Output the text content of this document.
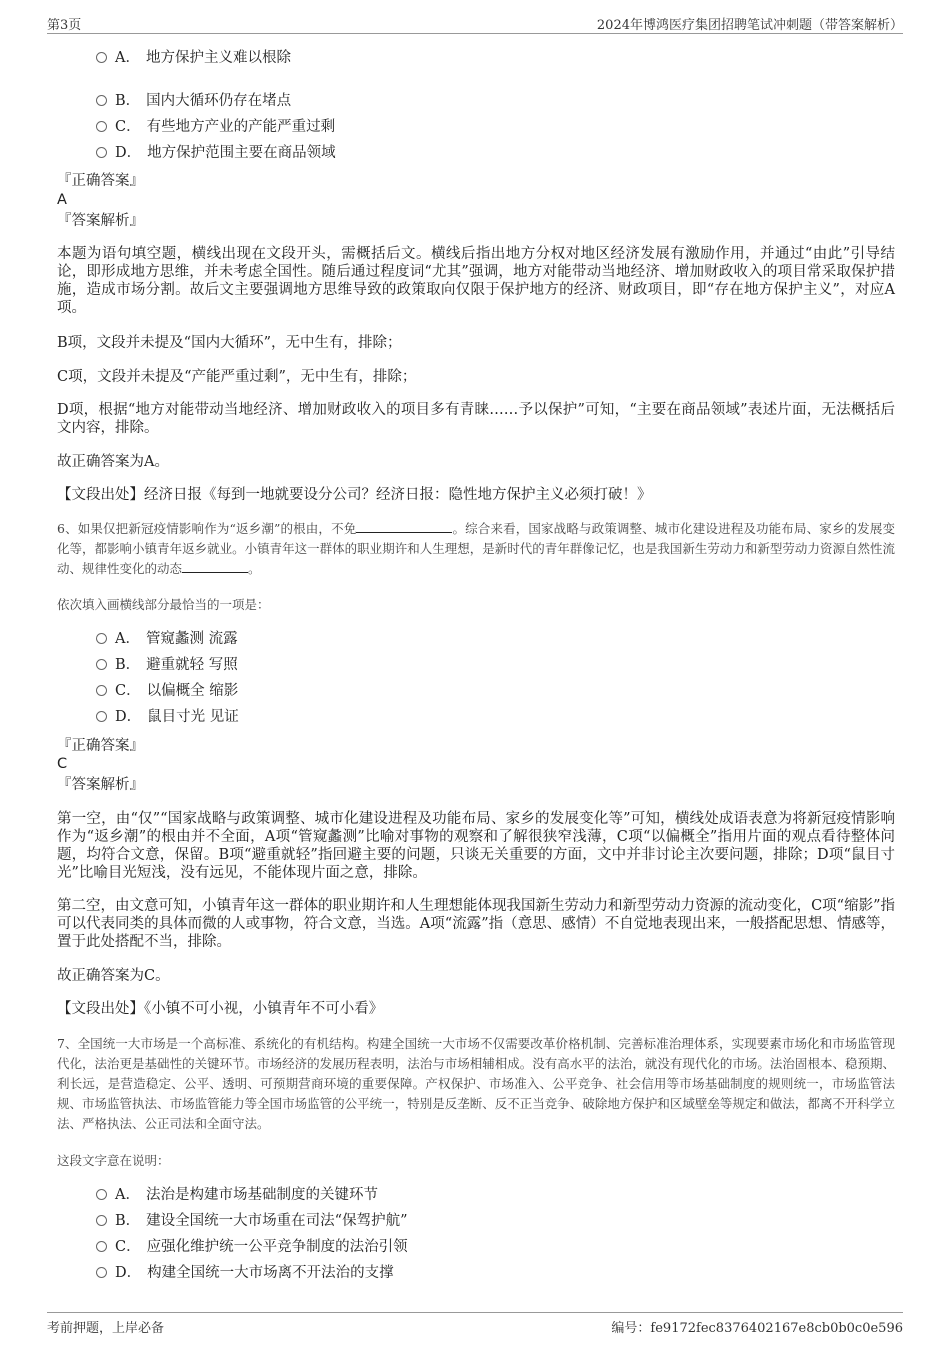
第3页	2024年博鸿医疗集团招聘笔试冲刺题（带答案解析）
A． 地方保护主义难以根除
B． 国内大循环仍存在堵点
C． 有些地方产业的产能严重过剩
D． 地方保护范围主要在商品领域
『正确答案』
A
『答案解析』
本题为语句填空题，横线出现在文段开头，需概括后文。横线后指出地方分权对地区经济发展有激励作用，并通过“由此”引导结论，即形成地方思维，并未考虑全国性。随后通过程度词“尤其”强调，地方对能带动当地经济、增加财政收入的项目常采取保护措施，造成市场分割。故后文主要强调地方思维导致的政策取向仅限于保护地方的经济、财政项目，即“存在地方保护主义”，对应A项。
B项，文段并未提及“国内大循环”，无中生有，排除；
C项，文段并未提及“产能严重过剩”，无中生有，排除；
D项，根据“地方对能带动当地经济、增加财政收入的项目多有青睐……予以保护”可知，“主要在商品领域”表述片面，无法概括后文内容，排除。
故正确答案为A。
【文段出处】经济日报《每到一地就要设分公司？经济日报：隐性地方保护主义必须打破！》
6、如果仅把新冠疫情影响作为“返乡潮”的根由，不免	。综合来看，国家战略与政策调整、城市化建设进程及功能布局、家乡的发展变化等，都影响小镇青年返乡就业。小镇青年这一群体的职业期许和人生理想，是新时代的青年群像记忆，也是我国新生劳动力和新型劳动力资源自然性流动、规律性变化的动态	。
依次填入画横线部分最恰当的一项是：
A． 管窥蠡测 流露
B． 避重就轻 写照
C． 以偏概全 缩影
D． 鼠目寸光 见证
『正确答案』
C
『答案解析』
第一空，由“仅”“国家战略与政策调整、城市化建设进程及功能布局、家乡的发展变化等”可知，横线处成语表意为将新冠疫情影响作为“返乡潮”的根由并不全面，A项“管窥蠡测”比喻对事物的观察和了解很狭窄浅薄，C项“以偏概全”指用片面的观点看待整体问题，均符合文意，保留。B项“避重就轻”指回避主要的问题，只谈无关重要的方面，文中并非讨论主次要问题，排除；D项“鼠目寸光”比喻目光短浅，没有远见，不能体现片面之意，排除。
第二空，由文意可知，小镇青年这一群体的职业期许和人生理想能体现我国新生劳动力和新型劳动力资源的流动变化，C项“缩影”指可以代表同类的具体而微的人或事物，符合文意，当选。A项“流露”指（意思、感情）不自觉地表现出来，一般搭配思想、情感等，置于此处搭配不当，排除。
故正确答案为C。
【文段出处】《小镇不可小视，小镇青年不可小看》
7、全国统一大市场是一个高标准、系统化的有机结构。构建全国统一大市场不仅需要改革价格机制、完善标准治理体系，实现要素市场化和市场监管现代化，法治更是基础性的关键环节。市场经济的发展历程表明，法治与市场相辅相成。没有高水平的法治，就没有现代化的市场。法治固根本、稳预期、利长远，是营造稳定、公平、透明、可预期营商环境的重要保障。产权保护、市场准入、公平竞争、社会信用等市场基础制度的规则统一，市场监管法规、市场监管执法、市场监管能力等全国市场监管的公平统一，特别是反垄断、反不正当竞争、破除地方保护和区域壁垒等规定和做法，都离不开科学立法、严格执法、公正司法和全面守法。
这段文字意在说明：
A． 法治是构建市场基础制度的关键环节
B． 建设全国统一大市场重在司法“保驾护航”
C． 应强化维护统一公平竞争制度的法治引领
D． 构建全国统一大市场离不开法治的支撑
考前押题，上岸必备	编号：fe9172fec8376402167e8cb0b0c0e596
